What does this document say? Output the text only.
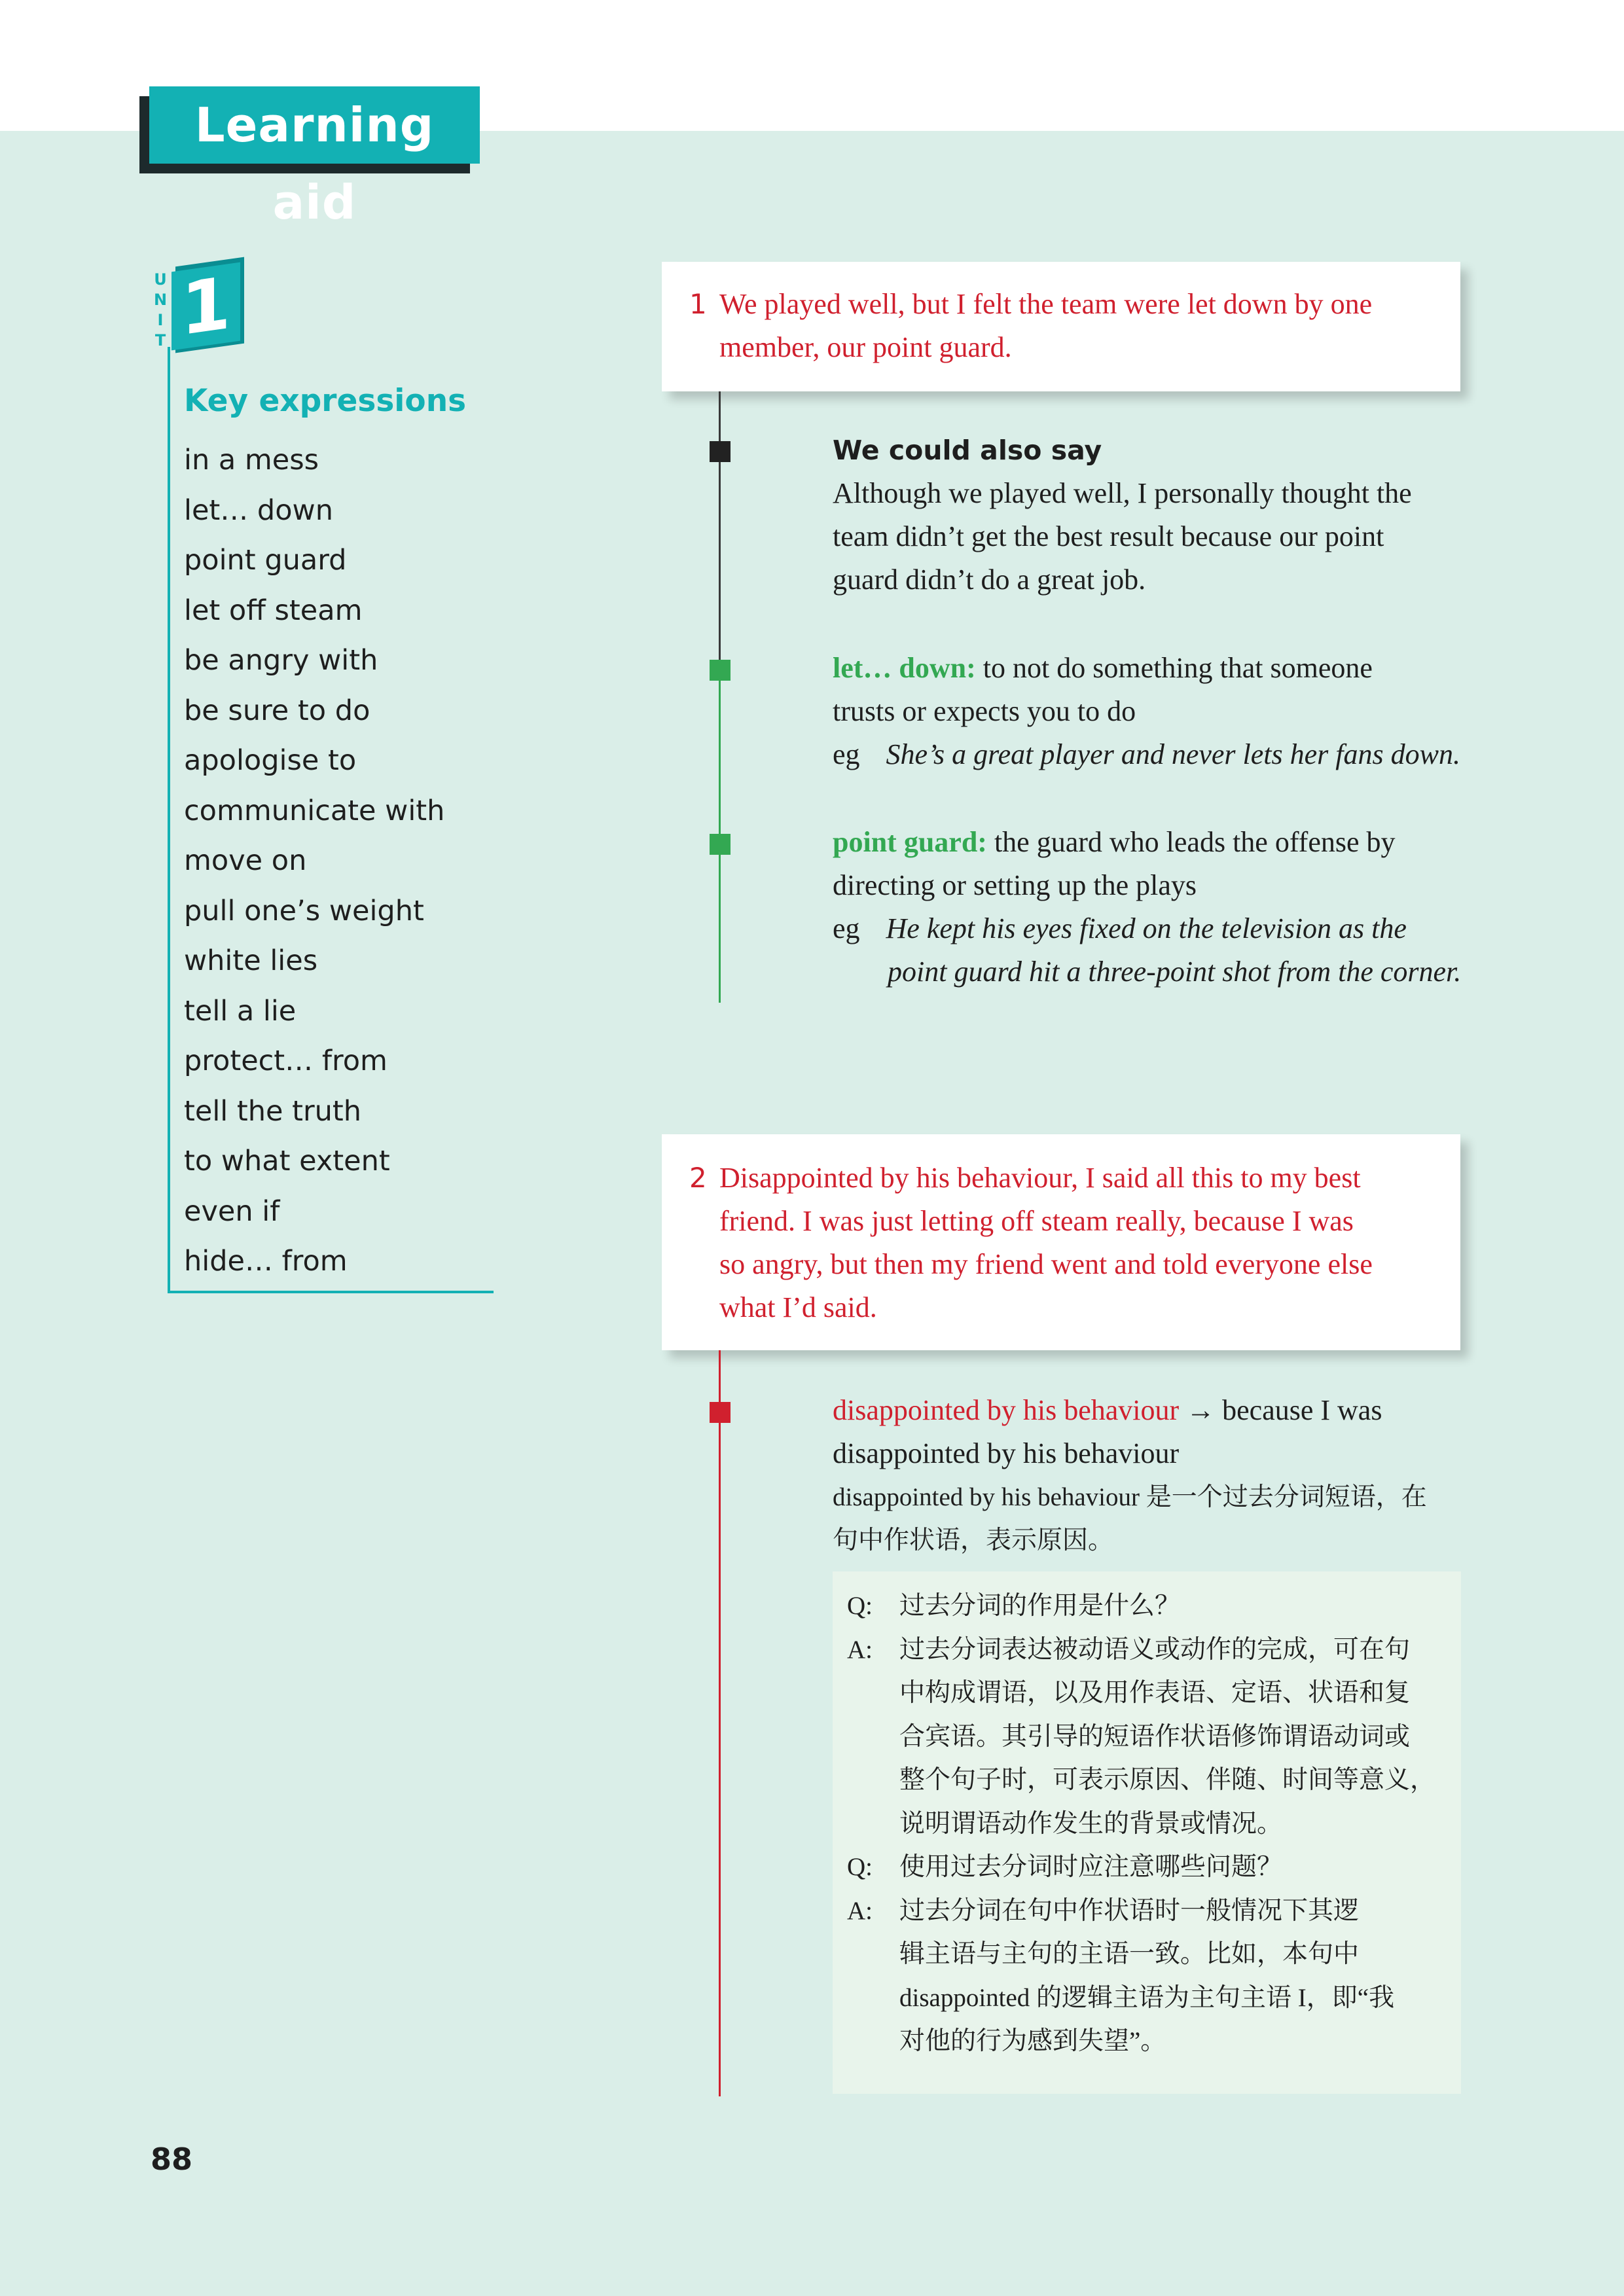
Learning aid
U
N
I
T 1
Key expressions
in a mess
let… down
point guard
let off steam
be angry with
be sure to do
apologise to
communicate with
move on
pull one’s weight
white lies
tell a lie
protect… from
tell the truth
to what extent
even if
hide… from
1 We played well, but I felt the team were let down by one
member, our point guard.
We could also say
Although we played well, I personally thought the
team didn’t get the best result because our point
guard didn’t do a great job.
let… down: to not do something that someone
trusts or expects you to do
eg She’s a great player and never lets her fans down.
point guard: the guard who leads the offense by
directing or setting up the plays
eg He kept his eyes fixed on the television as the
point guard hit a three-point shot from the corner.
2 Disappointed by his behaviour, I said all this to my best
friend. I was just letting off steam really, because I was
so angry, but then my friend went and told everyone else
what I’d said.
disappointed by his behaviour → because I was
disappointed by his behaviour
disappointed by his behaviour 是一个过去分词短语，在
句中作状语，表示原因。
Q:	过去分词的作用是什么？
A:	过去分词表达被动语义或动作的完成，可在句
中构成谓语，以及用作表语、定语、状语和复
合宾语。其引导的短语作状语修饰谓语动词或
整个句子时，可表示原因、伴随、时间等意义，
说明谓语动作发生的背景或情况。
Q:	使用过去分词时应注意哪些问题？
A:	过去分词在句中作状语时一般情况下其逻
辑主语与主句的主语一致。比如，本句中
disappointed 的逻辑主语为主句主语 I，即“我
对他的行为感到失望”。
88
